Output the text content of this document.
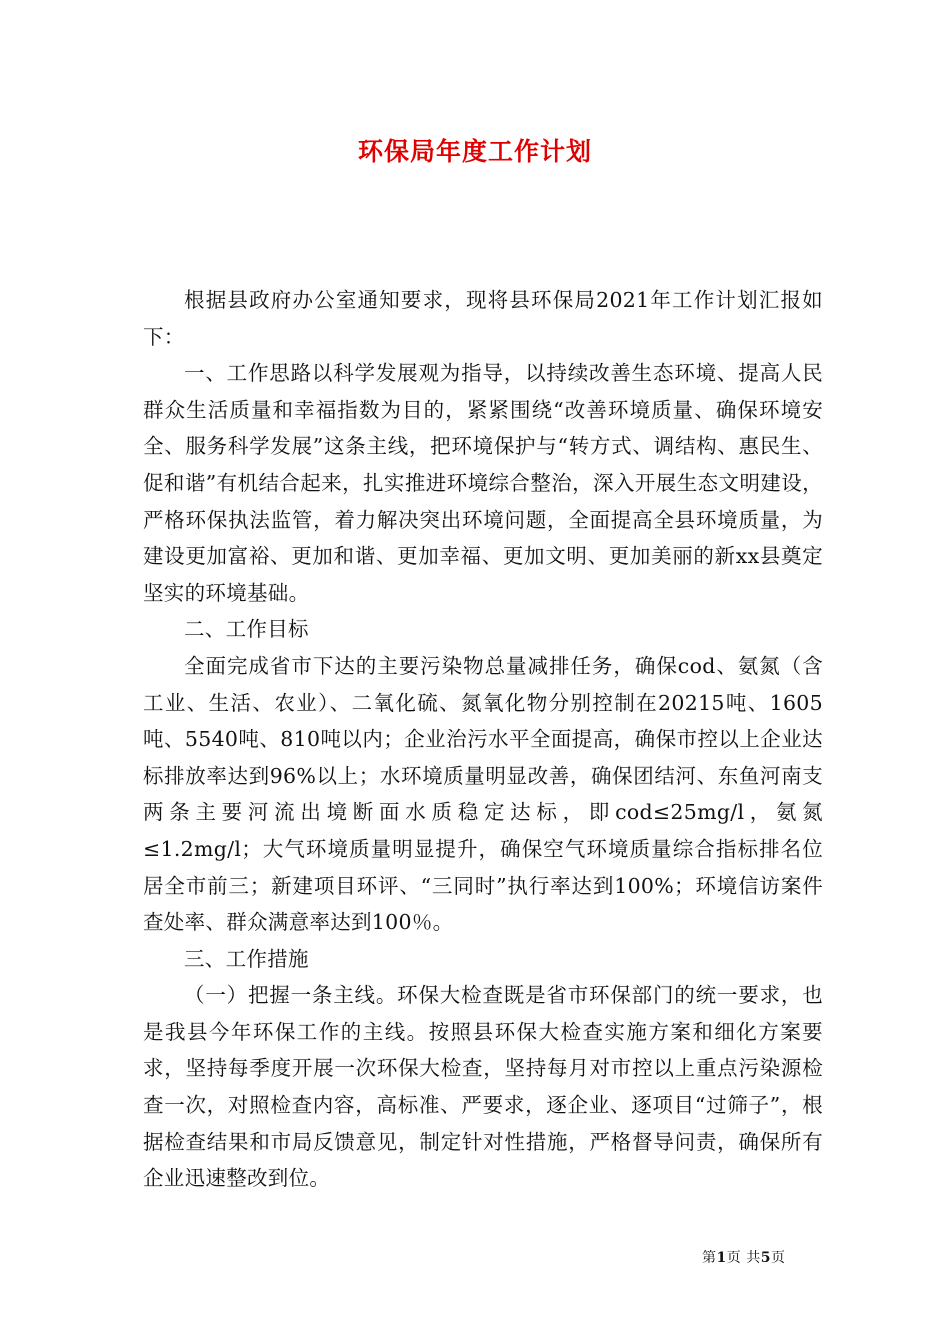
环保局年度工作计划

根据县政府办公室通知要求，现将县环保局2021年工作计划汇报如下：

一、工作思路以科学发展观为指导，以持续改善生态环境、提高人民群众生活质量和幸福指数为目的，紧紧围绕“改善环境质量、确保环境安全、服务科学发展”这条主线，把环境保护与“转方式、调结构、惠民生、促和谐”有机结合起来，扎实推进环境综合整治，深入开展生态文明建设，严格环保执法监管，着力解决突出环境问题，全面提高全县环境质量，为建设更加富裕、更加和谐、更加幸福、更加文明、更加美丽的新xx县奠定坚实的环境基础。

二、工作目标

全面完成省市下达的主要污染物总量减排任务，确保cod、氨氮（含工业、生活、农业）、二氧化硫、氮氧化物分别控制在20215吨、1605吨、5540吨、810吨以内；企业治污水平全面提高，确保市控以上企业达标排放率达到96%以上；水环境质量明显改善，确保团结河、东鱼河南支两条主要河流出境断面水质稳定达标，即cod≤25mg/l，氨氮≤1.2mg/l；大气环境质量明显提升，确保空气环境质量综合指标排名位居全市前三；新建项目环评、“三同时”执行率达到100%；环境信访案件查处率、群众满意率达到100％。

三、工作措施

（一）把握一条主线。环保大检查既是省市环保部门的统一要求，也是我县今年环保工作的主线。按照县环保大检查实施方案和细化方案要求，坚持每季度开展一次环保大检查，坚持每月对市控以上重点污染源检查一次，对照检查内容，高标准、严要求，逐企业、逐项目“过筛子”，根据检查结果和市局反馈意见，制定针对性措施，严格督导问责，确保所有企业迅速整改到位。

第1页 共5页
